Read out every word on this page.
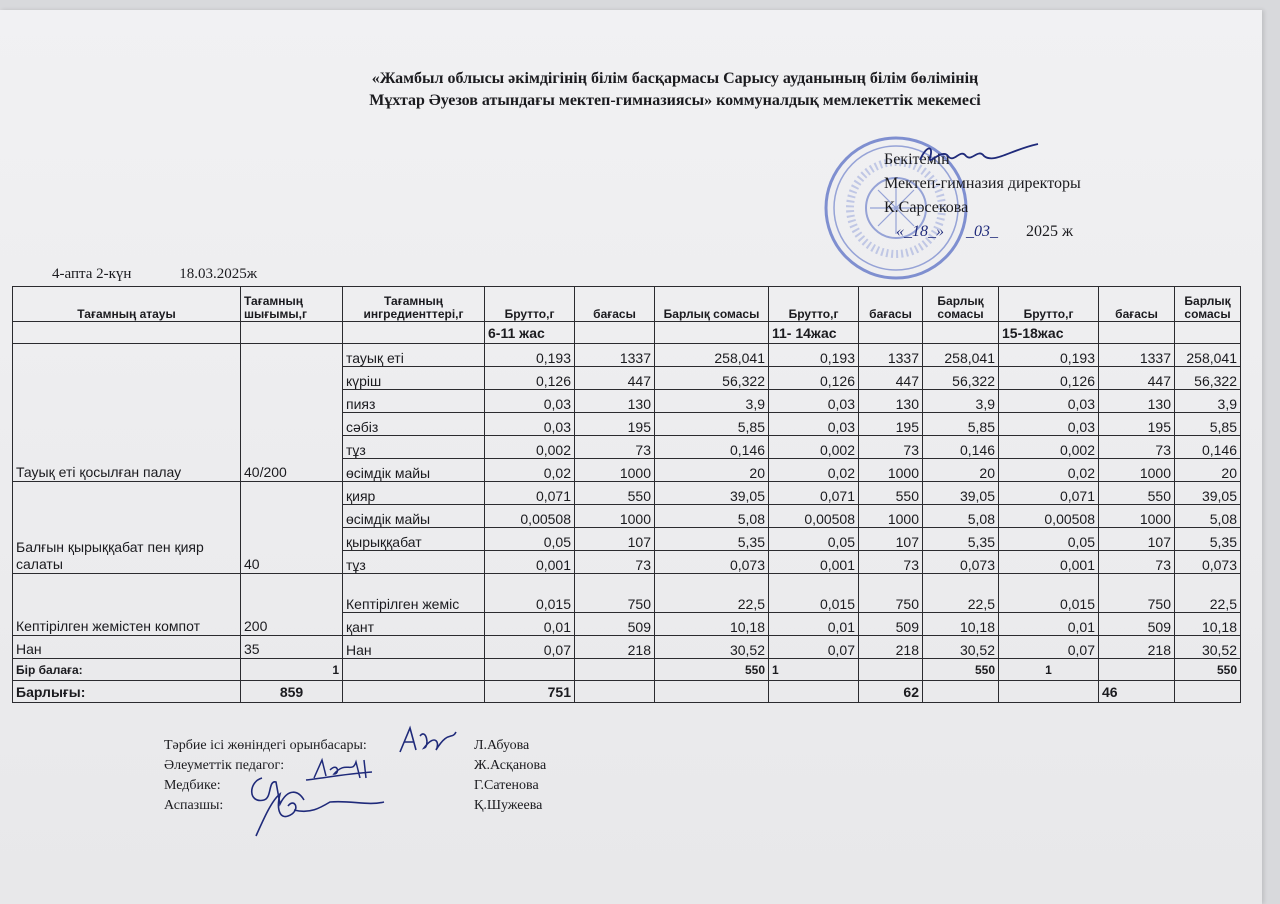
«Жамбыл облысы әкімдігінің білім басқармасы Сарысу ауданының білім бөлімінің
Мұхтар Әуезов атындағы мектеп-гимназиясы» коммуналдық мемлекеттік мекемесі
Бекітемін
Мектеп-гимназия директоры
К.Сарсекова
«_18_» _03_ 2025 ж
4-апта 2-күн	18.03.2025ж
Тағамның атауы	Тағамның шығымы,г	Тағамның ингредиенттері,г	Брутто,г	бағасы	Барлық сомасы	Брутто,г	бағасы	Барлық сомасы	Брутто,г	бағасы	Барлық сомасы
			6-11 жас			11- 14жас			15-18жас		
Тауық еті қосылған палау	40/200	тауық еті	0,193	1337	258,041	0,193	1337	258,041	0,193	1337	258,041
		күріш	0,126	447	56,322	0,126	447	56,322	0,126	447	56,322
		пияз	0,03	130	3,9	0,03	130	3,9	0,03	130	3,9
		сәбіз	0,03	195	5,85	0,03	195	5,85	0,03	195	5,85
		тұз	0,002	73	0,146	0,002	73	0,146	0,002	73	0,146
		өсімдік майы	0,02	1000	20	0,02	1000	20	0,02	1000	20
Балғын қырыққабат пен қияр салаты	40	қияр	0,071	550	39,05	0,071	550	39,05	0,071	550	39,05
		өсімдік майы	0,00508	1000	5,08	0,00508	1000	5,08	0,00508	1000	5,08
		қырыққабат	0,05	107	5,35	0,05	107	5,35	0,05	107	5,35
		тұз	0,001	73	0,073	0,001	73	0,073	0,001	73	0,073
Кептірілген жемістен компот	200	Кептірілген жеміс	0,015	750	22,5	0,015	750	22,5	0,015	750	22,5
		қант	0,01	509	10,18	0,01	509	10,18	0,01	509	10,18
Нан	35	Нан	0,07	218	30,52	0,07	218	30,52	0,07	218	30,52
Бір балаға:	1				550	1		550	1		550
Барлығы:	859		751				62			46	
Тәрбие ісі жөніндегі орынбасары:	Л.Абуова
Әлеуметтік педагог:	Ж.Асқанова
Медбике:	Г.Сатенова
Аспазшы:	Қ.Шужеева
